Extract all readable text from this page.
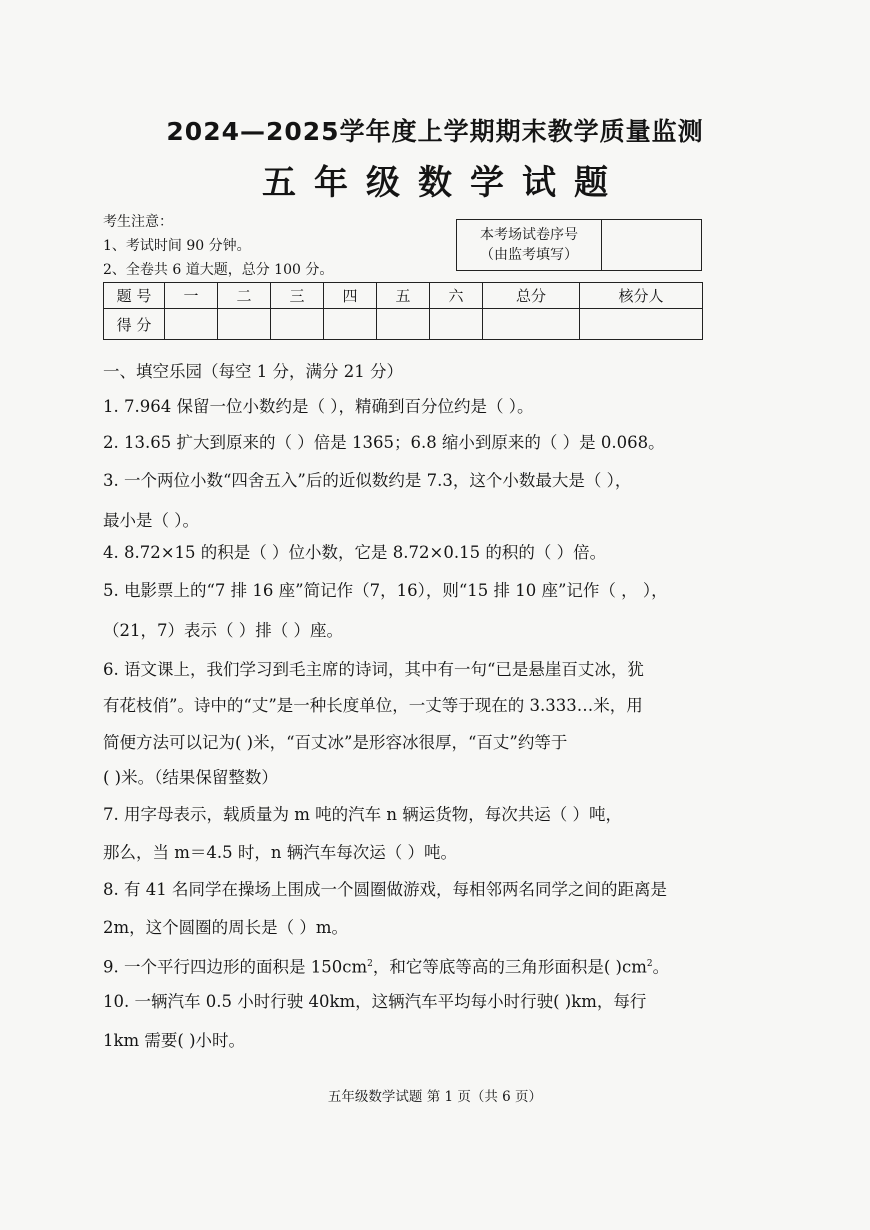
2024—2025学年度上学期期末教学质量监测
五年级数学试题
考生注意：
1、考试时间 90 分钟。
2、全卷共 6 道大题，总分 100 分。
本考场试卷序号
（由监考填写）
题 号	一	二	三	四	五	六	总分	核分人
得 分								

一、填空乐园（每空 1 分，满分 21 分）

1. 7.964 保留一位小数约是（ ），精确到百分位约是（ ）。

2. 13.65 扩大到原来的（ ）倍是 1365；6.8 缩小到原来的（ ）是 0.068。

3. 一个两位小数“四舍五入”后的近似数约是 7.3，这个小数最大是（ ），

最小是（ ）。

4. 8.72×15 的积是（ ）位小数，它是 8.72×0.15 的积的（ ）倍。

5. 电影票上的“7 排 16 座”简记作（7，16），则“15 排 10 座”记作（ ， ），

（21，7）表示（ ）排（ ）座。

6. 语文课上，我们学习到毛主席的诗词，其中有一句“已是悬崖百丈冰，犹

有花枝俏”。诗中的“丈”是一种长度单位，一丈等于现在的 3.333…米，用

简便方法可以记为( )米，“百丈冰”是形容冰很厚，“百丈”约等于

( )米。（结果保留整数）

7. 用字母表示，载质量为 m 吨的汽车 n 辆运货物，每次共运（ ）吨，

那么，当 m＝4.5 时，n 辆汽车每次运（ ）吨。

8. 有 41 名同学在操场上围成一个圆圈做游戏，每相邻两名同学之间的距离是

2m，这个圆圈的周长是（ ）m。

9. 一个平行四边形的面积是 $150cm^2$，和它等底等高的三角形面积是( )$cm^2$。

10. 一辆汽车 0.5 小时行驶 40km，这辆汽车平均每小时行驶( )km，每行

1km 需要( )小时。

五年级数学试题 第 1 页（共 6 页）
